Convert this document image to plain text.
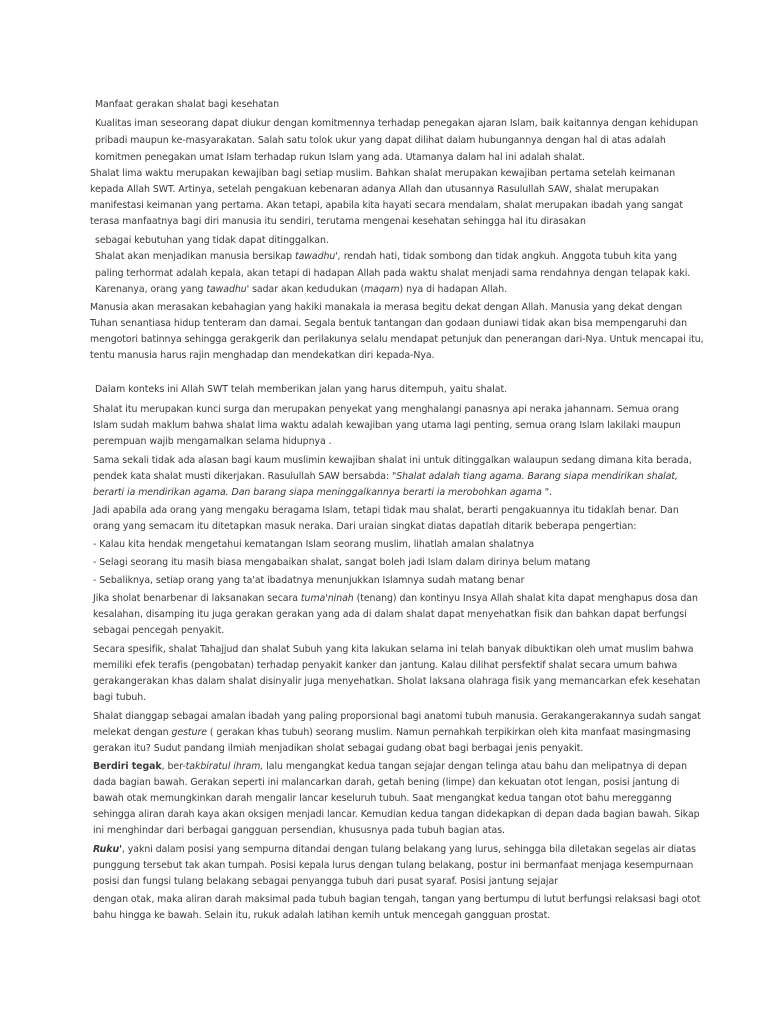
Manfaat gerakan shalat bagi kesehatan
Kualitas iman seseorang dapat diukur dengan komitmennya terhadap penegakan ajaran Islam, baik kaitannya dengan kehidupan
pribadi maupun ke-masyarakatan. Salah satu tolok ukur yang dapat dilihat dalam hubungannya dengan hal di atas adalah
komitmen penegakan umat Islam terhadap rukun Islam yang ada. Utamanya dalam hal ini adalah shalat.
Shalat lima waktu merupakan kewajiban bagi setiap muslim. Bahkan shalat merupakan kewajiban pertama setelah keimanan
kepada Allah SWT. Artinya, setelah pengakuan kebenaran adanya Allah dan utusannya Rasulullah SAW, shalat merupakan
manifestasi keimanan yang pertama. Akan tetapi, apabila kita hayati secara mendalam, shalat merupakan ibadah yang sangat
terasa manfaatnya bagi diri manusia itu sendiri, terutama mengenai kesehatan sehingga hal itu dirasakan
sebagai kebutuhan yang tidak dapat ditinggalkan.
Shalat akan menjadikan manusia bersikap tawadhu', rendah hati, tidak sombong dan tidak angkuh. Anggota tubuh kita yang
paling terhormat adalah kepala, akan tetapi di hadapan Allah pada waktu shalat menjadi sama rendahnya dengan telapak kaki.
Karenanya, orang yang tawadhu' sadar akan kedudukan (maqam) nya di hadapan Allah.
Manusia akan merasakan kebahagian yang hakiki manakala ia merasa begitu dekat dengan Allah. Manusia yang dekat dengan
Tuhan senantiasa hidup tenteram dan damai. Segala bentuk tantangan dan godaan duniawi tidak akan bisa mempengaruhi dan
mengotori batinnya sehingga gerakgerik dan perilakunya selalu mendapat petunjuk dan penerangan dari-Nya. Untuk mencapai itu,
tentu manusia harus rajin menghadap dan mendekatkan diri kepada-Nya.
Dalam konteks ini Allah SWT telah memberikan jalan yang harus ditempuh, yaitu shalat.
Shalat itu merupakan kunci surga dan merupakan penyekat yang menghalangi panasnya api neraka jahannam. Semua orang
Islam sudah maklum bahwa shalat lima waktu adalah kewajiban yang utama lagi penting, semua orang Islam lakilaki maupun
perempuan wajib mengamalkan selama hidupnya .
Sama sekali tidak ada alasan bagi kaum muslimin kewajiban shalat ini untuk ditinggalkan walaupun sedang dimana kita berada,
pendek kata shalat musti dikerjakan. Rasulullah SAW bersabda: "Shalat adalah tiang agama. Barang siapa mendirikan shalat,
berarti ia mendirikan agama. Dan barang siapa meninggalkannya berarti ia merobohkan agama ".
Jadi apabila ada orang yang mengaku beragama Islam, tetapi tidak mau shalat, berarti pengakuannya itu tidaklah benar. Dan
orang yang semacam itu ditetapkan masuk neraka. Dari uraian singkat diatas dapatlah ditarik beberapa pengertian:
- Kalau kita hendak mengetahui kematangan Islam seorang muslim, lihatlah amalan shalatnya
- Selagi seorang itu masih biasa mengabaikan shalat, sangat boleh jadi Islam dalam dirinya belum matang
- Sebaliknya, setiap orang yang ta'at ibadatnya menunjukkan Islamnya sudah matang benar
Jika sholat benarbenar di laksanakan secara tuma'ninah (tenang) dan kontinyu Insya Allah shalat kita dapat menghapus dosa dan
kesalahan, disamping itu juga gerakan gerakan yang ada di dalam shalat dapat menyehatkan fisik dan bahkan dapat berfungsi
sebagai pencegah penyakit.
Secara spesifik, shalat Tahajjud dan shalat Subuh yang kita lakukan selama ini telah banyak dibuktikan oleh umat muslim bahwa
memiliki efek terafis (pengobatan) terhadap penyakit kanker dan jantung. Kalau dilihat persfektif shalat secara umum bahwa
gerakangerakan khas dalam shalat disinyalir juga menyehatkan. Sholat laksana olahraga fisik yang memancarkan efek kesehatan
bagi tubuh.
Shalat dianggap sebagai amalan ibadah yang paling proporsional bagi anatomi tubuh manusia. Gerakangerakannya sudah sangat
melekat dengan gesture ( gerakan khas tubuh) seorang muslim. Namun pernahkah terpikirkan oleh kita manfaat masingmasing
gerakan itu? Sudut pandang ilmiah menjadikan sholat sebagai gudang obat bagi berbagai jenis penyakit.
Berdiri tegak, ber-takbiratul ihram, lalu mengangkat kedua tangan sejajar dengan telinga atau bahu dan melipatnya di depan
dada bagian bawah. Gerakan seperti ini malancarkan darah, getah bening (limpe) dan kekuatan otot lengan, posisi jantung di
bawah otak memungkinkan darah mengalir lancar keseluruh tubuh. Saat mengangkat kedua tangan otot bahu meregganng
sehingga aliran darah kaya akan oksigen menjadi lancar. Kemudian kedua tangan didekapkan di depan dada bagian bawah. Sikap
ini menghindar dari berbagai gangguan persendian, khususnya pada tubuh bagian atas.
Ruku', yakni dalam posisi yang sempurna ditandai dengan tulang belakang yang lurus, sehingga bila diletakan segelas air diatas
punggung tersebut tak akan tumpah. Posisi kepala lurus dengan tulang belakang, postur ini bermanfaat menjaga kesempurnaan
posisi dan fungsi tulang belakang sebagai penyangga tubuh dari pusat syaraf. Posisi jantung sejajar
dengan otak, maka aliran darah maksimal pada tubuh bagian tengah, tangan yang bertumpu di lutut berfungsi relaksasi bagi otot
bahu hingga ke bawah. Selain itu, rukuk adalah latihan kemih untuk mencegah gangguan prostat.
